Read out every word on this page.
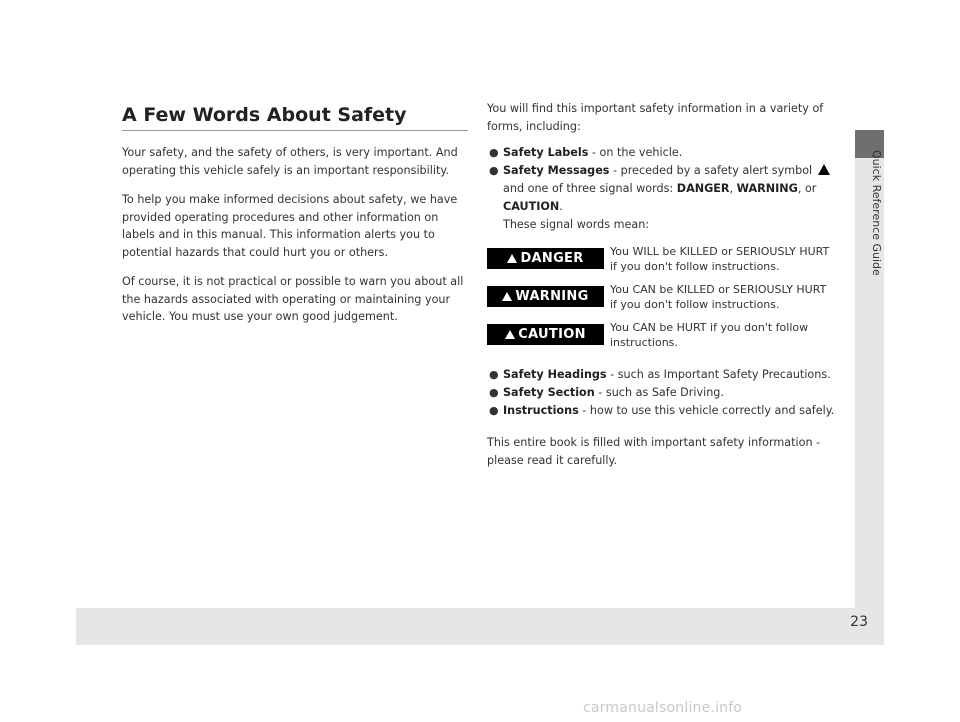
Quick Reference Guide
23
A Few Words About Safety

Your safety, and the safety of others, is very important. And operating this vehicle safely is an important responsibility.

To help you make informed decisions about safety, we have provided operating procedures and other information on labels and in this manual. This information alerts you to potential hazards that could hurt you or others.

Of course, it is not practical or possible to warn you about all the hazards associated with operating or maintaining your vehicle. You must use your own good judgement.

You will find this important safety information in a variety of forms, including:

● Safety Labels - on the vehicle.
● Safety Messages - preceded by a safety alert symbol  and one of three signal words: DANGER, WARNING, or CAUTION.
These signal words mean:
DANGER You WILL be KILLED or SERIOUSLY HURT if you don't follow instructions.
WARNING You CAN be KILLED or SERIOUSLY HURT if you don't follow instructions.
CAUTION You CAN be HURT if you don't follow instructions.
● Safety Headings - such as Important Safety Precautions.
● Safety Section - such as Safe Driving.
● Instructions - how to use this vehicle correctly and safely.

This entire book is filled with important safety information - please read it carefully.

carmanualsonline.info
